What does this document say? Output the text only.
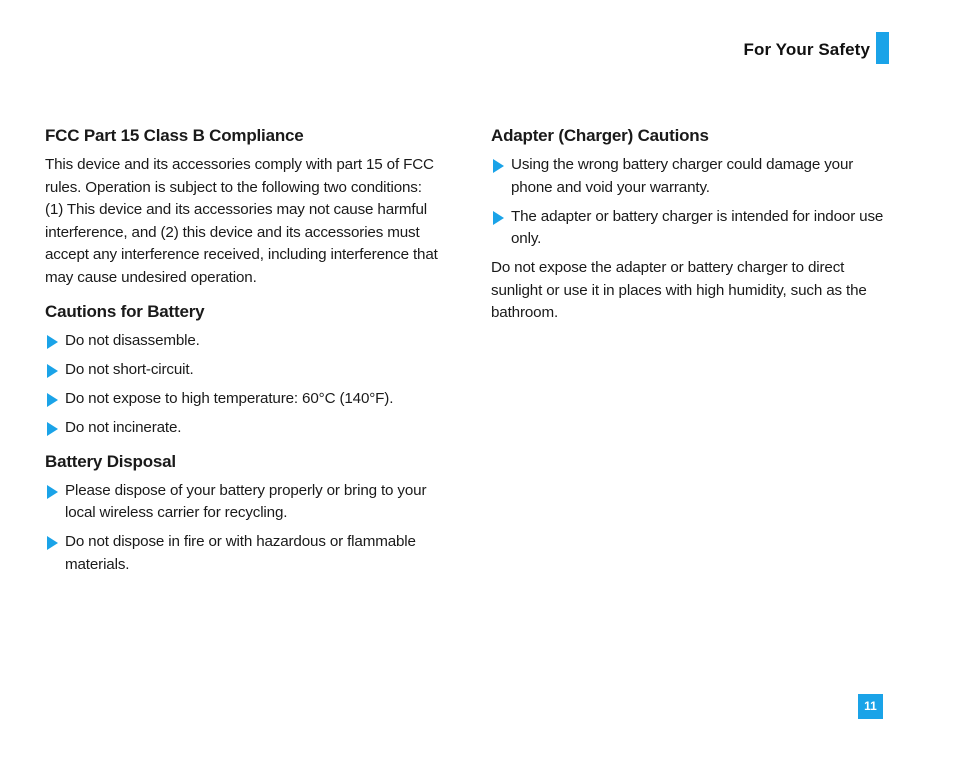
For Your Safety
FCC Part 15 Class B Compliance

This device and its accessories comply with part 15 of FCC rules. Operation is subject to the following two conditions: (1) This device and its accessories may not cause harmful interference, and (2) this device and its accessories must accept any interference received, including interference that may cause undesired operation.

Cautions for Battery
Do not disassemble.
Do not short-circuit.
Do not expose to high temperature: 60°C (140°F).
Do not incinerate.
Battery Disposal
Please dispose of your battery properly or bring to your local wireless carrier for recycling.
Do not dispose in fire or with hazardous or flammable materials.
Adapter (Charger) Cautions
Using the wrong battery charger could damage your phone and void your warranty.
The adapter or battery charger is intended for indoor use only.

Do not expose the adapter or battery charger to direct sunlight or use it in places with high humidity, such as the bathroom.

11
